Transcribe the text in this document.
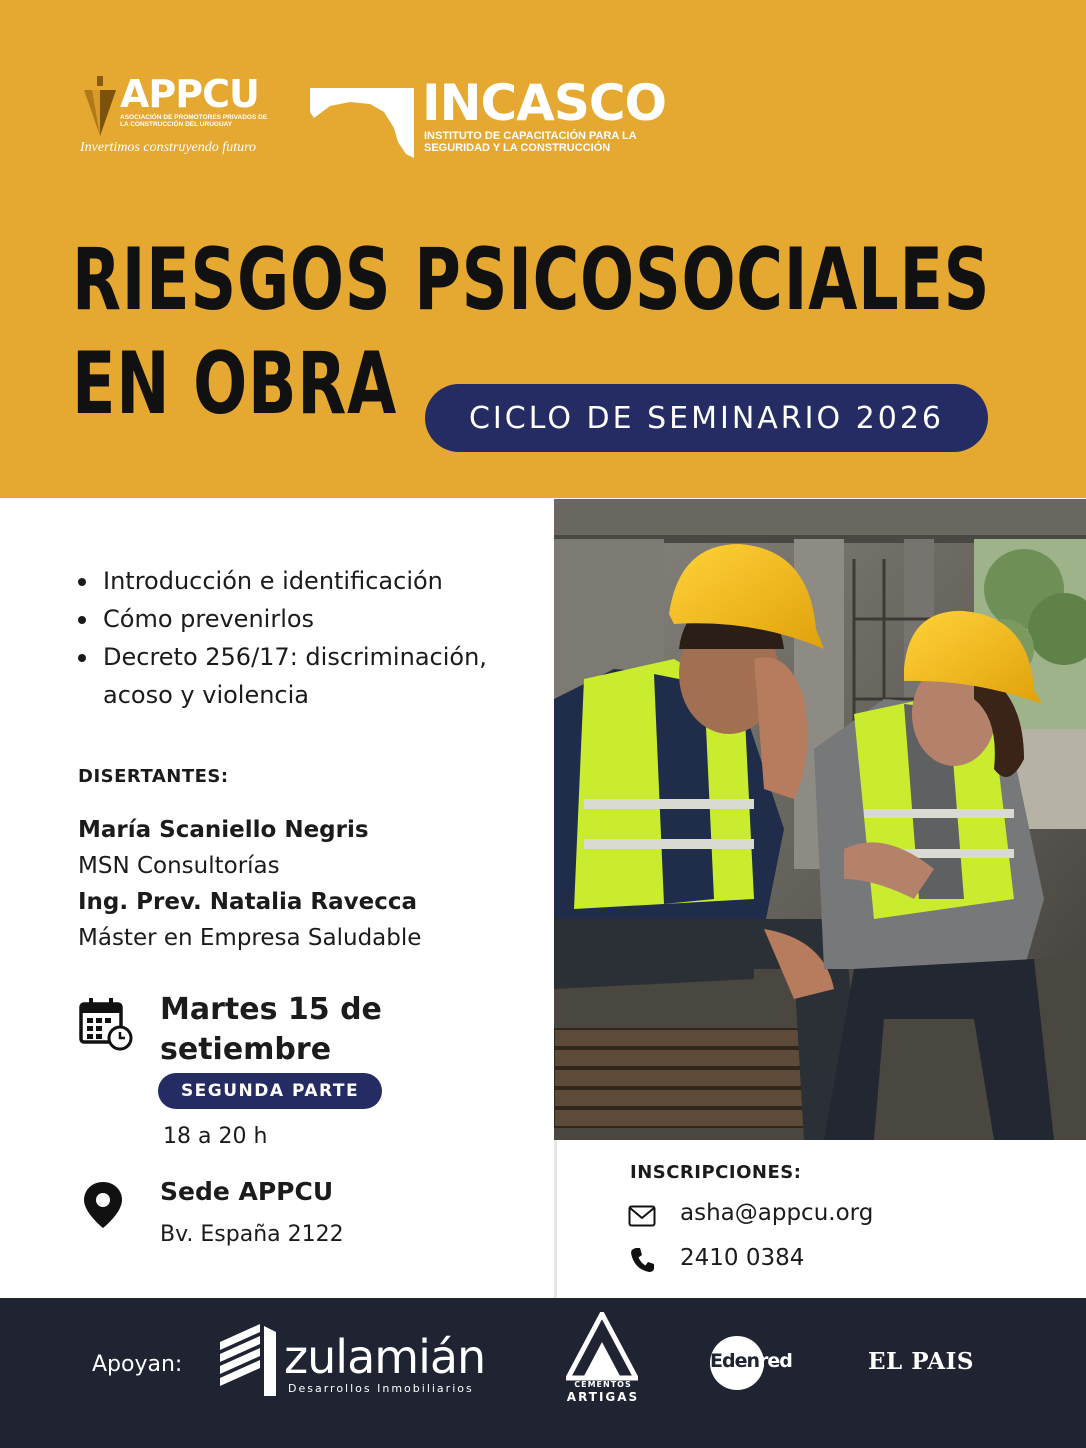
APPCU
ASOCIACIÓN DE PROMOTORES PRIVADOS DE LA CONSTRUCCIÓN DEL URUGUAY
Invertimos construyendo futuro
INCASCO
INSTITUTO DE CAPACITACIÓN PARA LA SEGURIDAD Y LA CONSTRUCCIÓN
RIESGOS PSICOSOCIALES
EN OBRA	CICLO DE SEMINARIO 2026
Introducción e identificación
Cómo prevenirlos
Decreto 256/17: discriminación, acoso y violencia
DISERTANTES:
María Scaniello Negris
MSN Consultorías
Ing. Prev. Natalia Ravecca
Máster en Empresa Saludable
Martes 15 de setiembre
SEGUNDA PARTE
18 a 20 h
Sede APPCU
Bv. España 2122
INSCRIPCIONES:
asha@appcu.org
2410 0384
Apoyan: zulamián
Desarrollos Inmobiliarios	CEMENTOS
ARTIGAS
Edenred	EL PAIS
